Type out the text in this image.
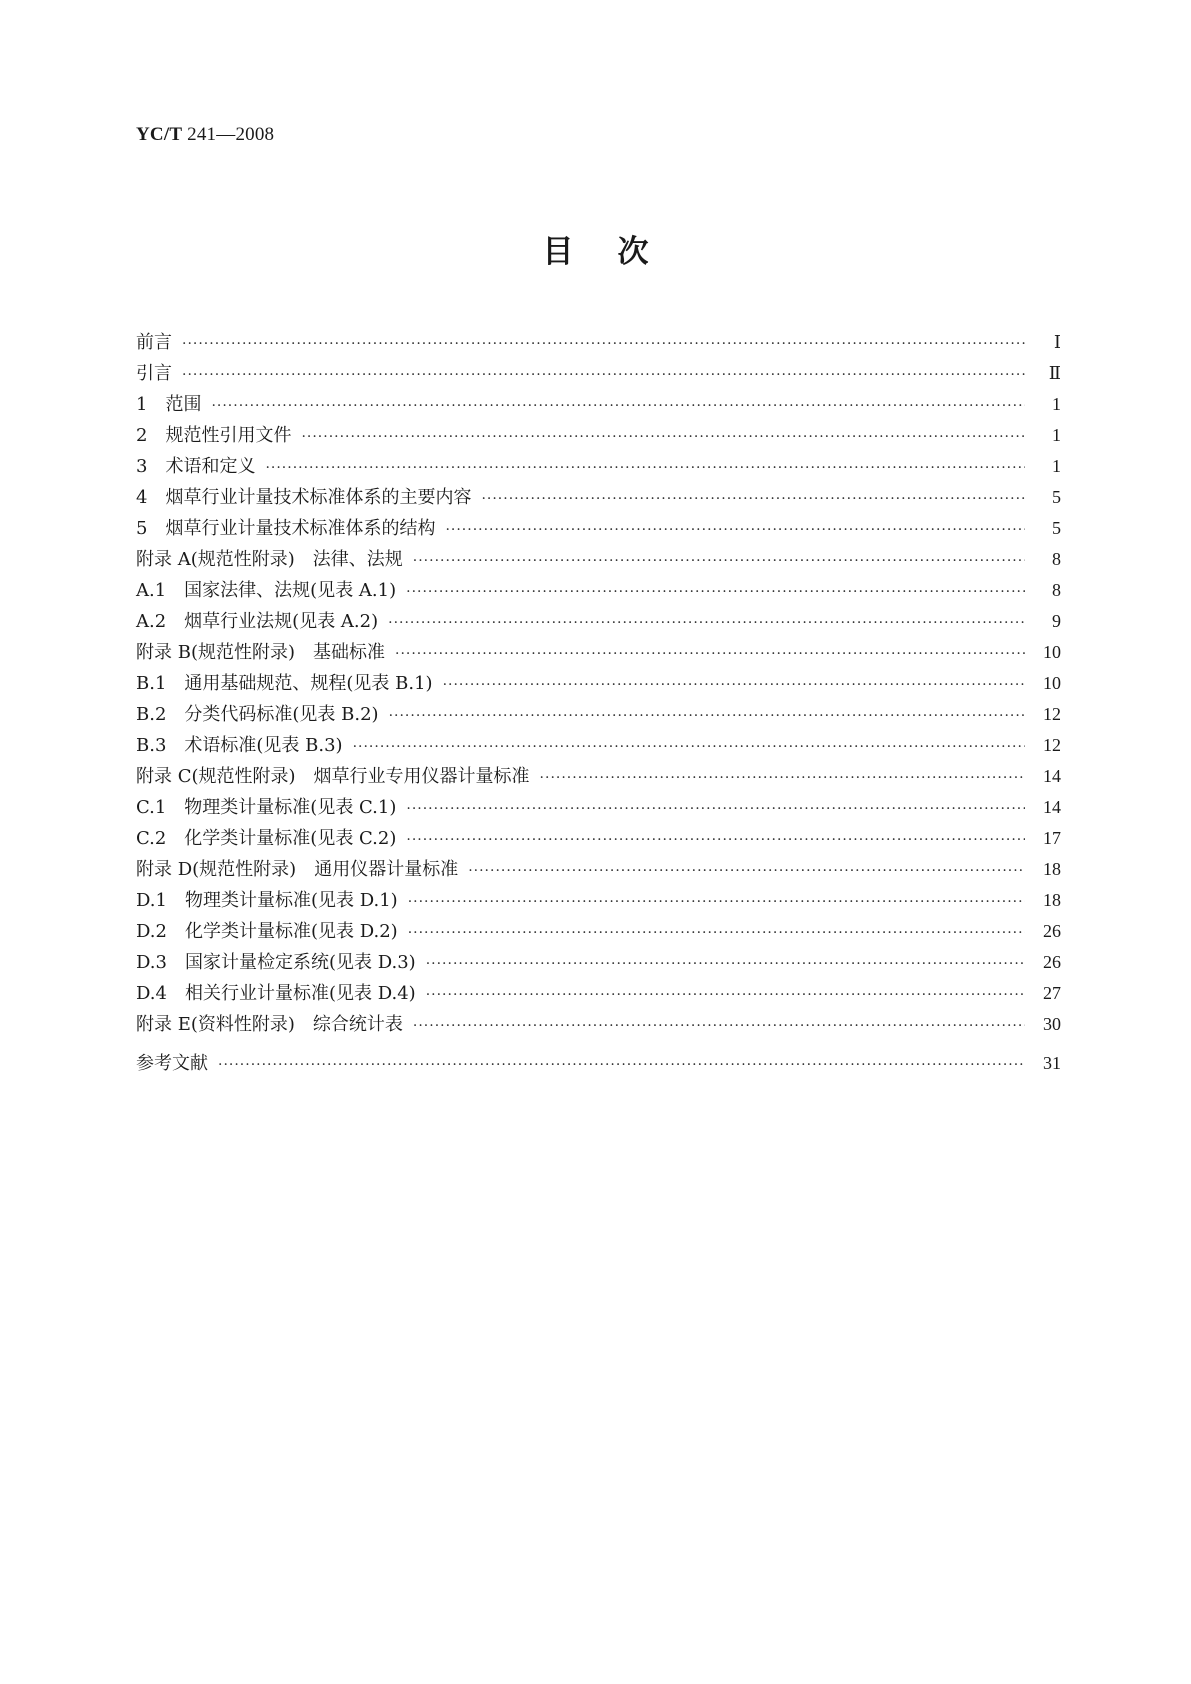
YC/T 241—2008
目次
前言 ·····	Ⅰ
引言 ·····	Ⅱ
1　范围 ·····	1
2　规范性引用文件 ·····	1
3　术语和定义 ·····	1
4　烟草行业计量技术标准体系的主要内容 ·····	5
5　烟草行业计量技术标准体系的结构 ·····	5
附录 A(规范性附录)　法律、法规 ·····	8
A.1　国家法律、法规(见表 A.1) ·····	8
A.2　烟草行业法规(见表 A.2) ·····	9
附录 B(规范性附录)　基础标准 ·····	10
B.1　通用基础规范、规程(见表 B.1) ·····	10
B.2　分类代码标准(见表 B.2) ·····	12
B.3　术语标准(见表 B.3) ·····	12
附录 C(规范性附录)　烟草行业专用仪器计量标准 ·····	14
C.1　物理类计量标准(见表 C.1) ·····	14
C.2　化学类计量标准(见表 C.2) ·····	17
附录 D(规范性附录)　通用仪器计量标准 ·····	18
D.1　物理类计量标准(见表 D.1) ·····	18
D.2　化学类计量标准(见表 D.2) ·····	26
D.3　国家计量检定系统(见表 D.3) ·····	26
D.4　相关行业计量标准(见表 D.4) ·····	27
附录 E(资料性附录)　综合统计表 ·····	30
参考文献 ·····	31
